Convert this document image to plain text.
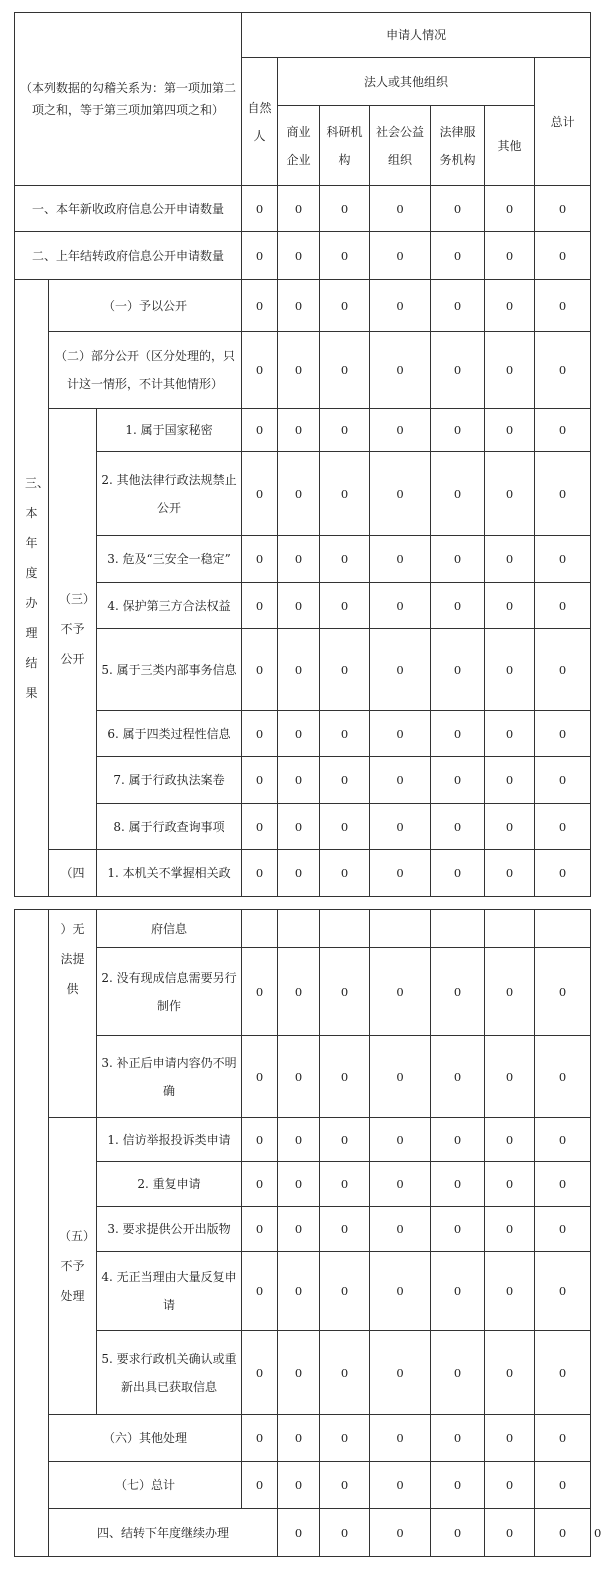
（本列数据的勾稽关系为：第一项加第二项之和，等于第三项加第四项之和）			申请人情况						
			自然人	法人或其他组织					总计
				商业企业	科研机构	社会公益组织	法律服务机构	其他	
一、本年新收政府信息公开申请数量			0	0	0	0	0	0	0
二、上年结转政府信息公开申请数量			0	0	0	0	0	0	0
三、本年度办理结果	（一）予以公开		0	0	0	0	0	0	0
	（二）部分公开（区分处理的，只计这一情形，不计其他情形）		0	0	0	0	0	0	0
	（三）不予公开	1. 属于国家秘密	0	0	0	0	0	0	0
		2. 其他法律行政法规禁止公开	0	0	0	0	0	0	0
		3. 危及“三安全一稳定”	0	0	0	0	0	0	0
		4. 保护第三方合法权益	0	0	0	0	0	0	0
		5. 属于三类内部事务信息	0	0	0	0	0	0	0
		6. 属于四类过程性信息	0	0	0	0	0	0	0
		7. 属于行政执法案卷	0	0	0	0	0	0	0
		8. 属于行政查询事项	0	0	0	0	0	0	0
	（四	1. 本机关不掌握相关政	0	0	0	0	0	0	0
	）无法提供	府信息								
		2. 没有现成信息需要另行制作	0	0	0	0	0	0	0	
		3. 补正后申请内容仍不明确	0	0	0	0	0	0	0	
	（五）不予处理	1. 信访举报投诉类申请	0	0	0	0	0	0	0	
		2. 重复申请	0	0	0	0	0	0	0	
		3. 要求提供公开出版物	0	0	0	0	0	0	0	
		4. 无正当理由大量反复申请	0	0	0	0	0	0	0	
		5. 要求行政机关确认或重新出具已获取信息	0	0	0	0	0	0	0	
	（六）其他处理		0	0	0	0	0	0	0	
	（七）总计		0	0	0	0	0	0	0	
	四、结转下年度继续办理			0	0	0	0	0	0	0
